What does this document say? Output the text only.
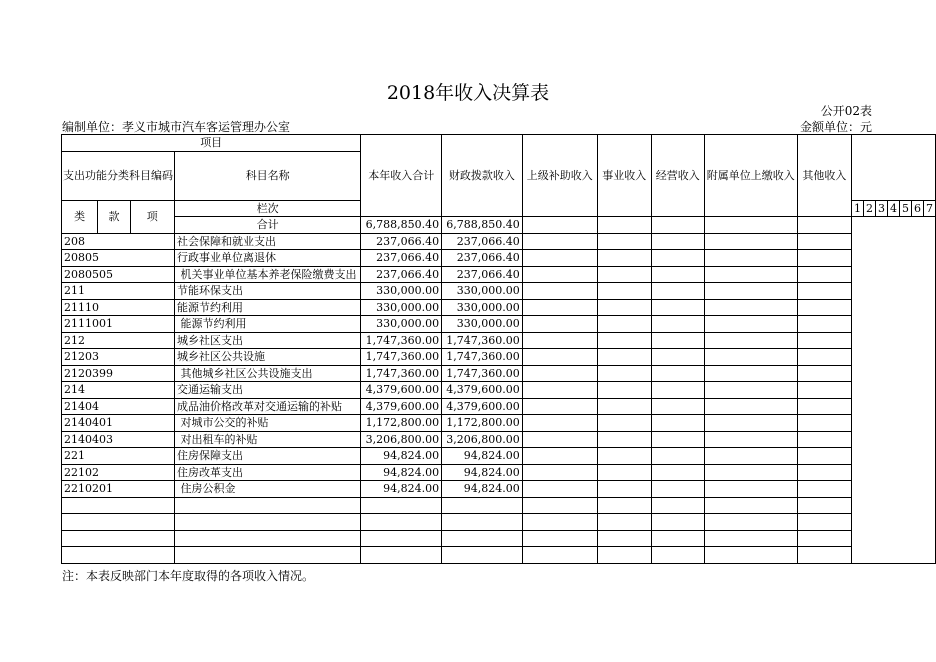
2018年收入决算表
公开02表
编制单位：孝义市城市汽车客运管理办公室	金额单位：元
项目				本年收入合计	财政拨款收入	上级补助收入	事业收入	经营收入	附属单位上缴收入	其他收入							
支出功能分类科目编码			科目名称														
类	款	项	栏次								1	2	3	4	5	6	7
			合计	6,788,850.40	6,788,850.40												
208			社会保障和就业支出	237,066.40	237,066.40												
20805			行政事业单位离退休	237,066.40	237,066.40												
2080505			机关事业单位基本养老保险缴费支出	237,066.40	237,066.40												
211			节能环保支出	330,000.00	330,000.00												
21110			能源节约利用	330,000.00	330,000.00												
2111001			能源节约利用	330,000.00	330,000.00												
212			城乡社区支出	1,747,360.00	1,747,360.00												
21203			城乡社区公共设施	1,747,360.00	1,747,360.00												
2120399			其他城乡社区公共设施支出	1,747,360.00	1,747,360.00												
214			交通运输支出	4,379,600.00	4,379,600.00												
21404			成品油价格改革对交通运输的补贴	4,379,600.00	4,379,600.00												
2140401			对城市公交的补贴	1,172,800.00	1,172,800.00												
2140403			对出租车的补贴	3,206,800.00	3,206,800.00												
221			住房保障支出	94,824.00	94,824.00												
22102			住房改革支出	94,824.00	94,824.00												
2210201			住房公积金	94,824.00	94,824.00												

注：本表反映部门本年度取得的各项收入情况。
